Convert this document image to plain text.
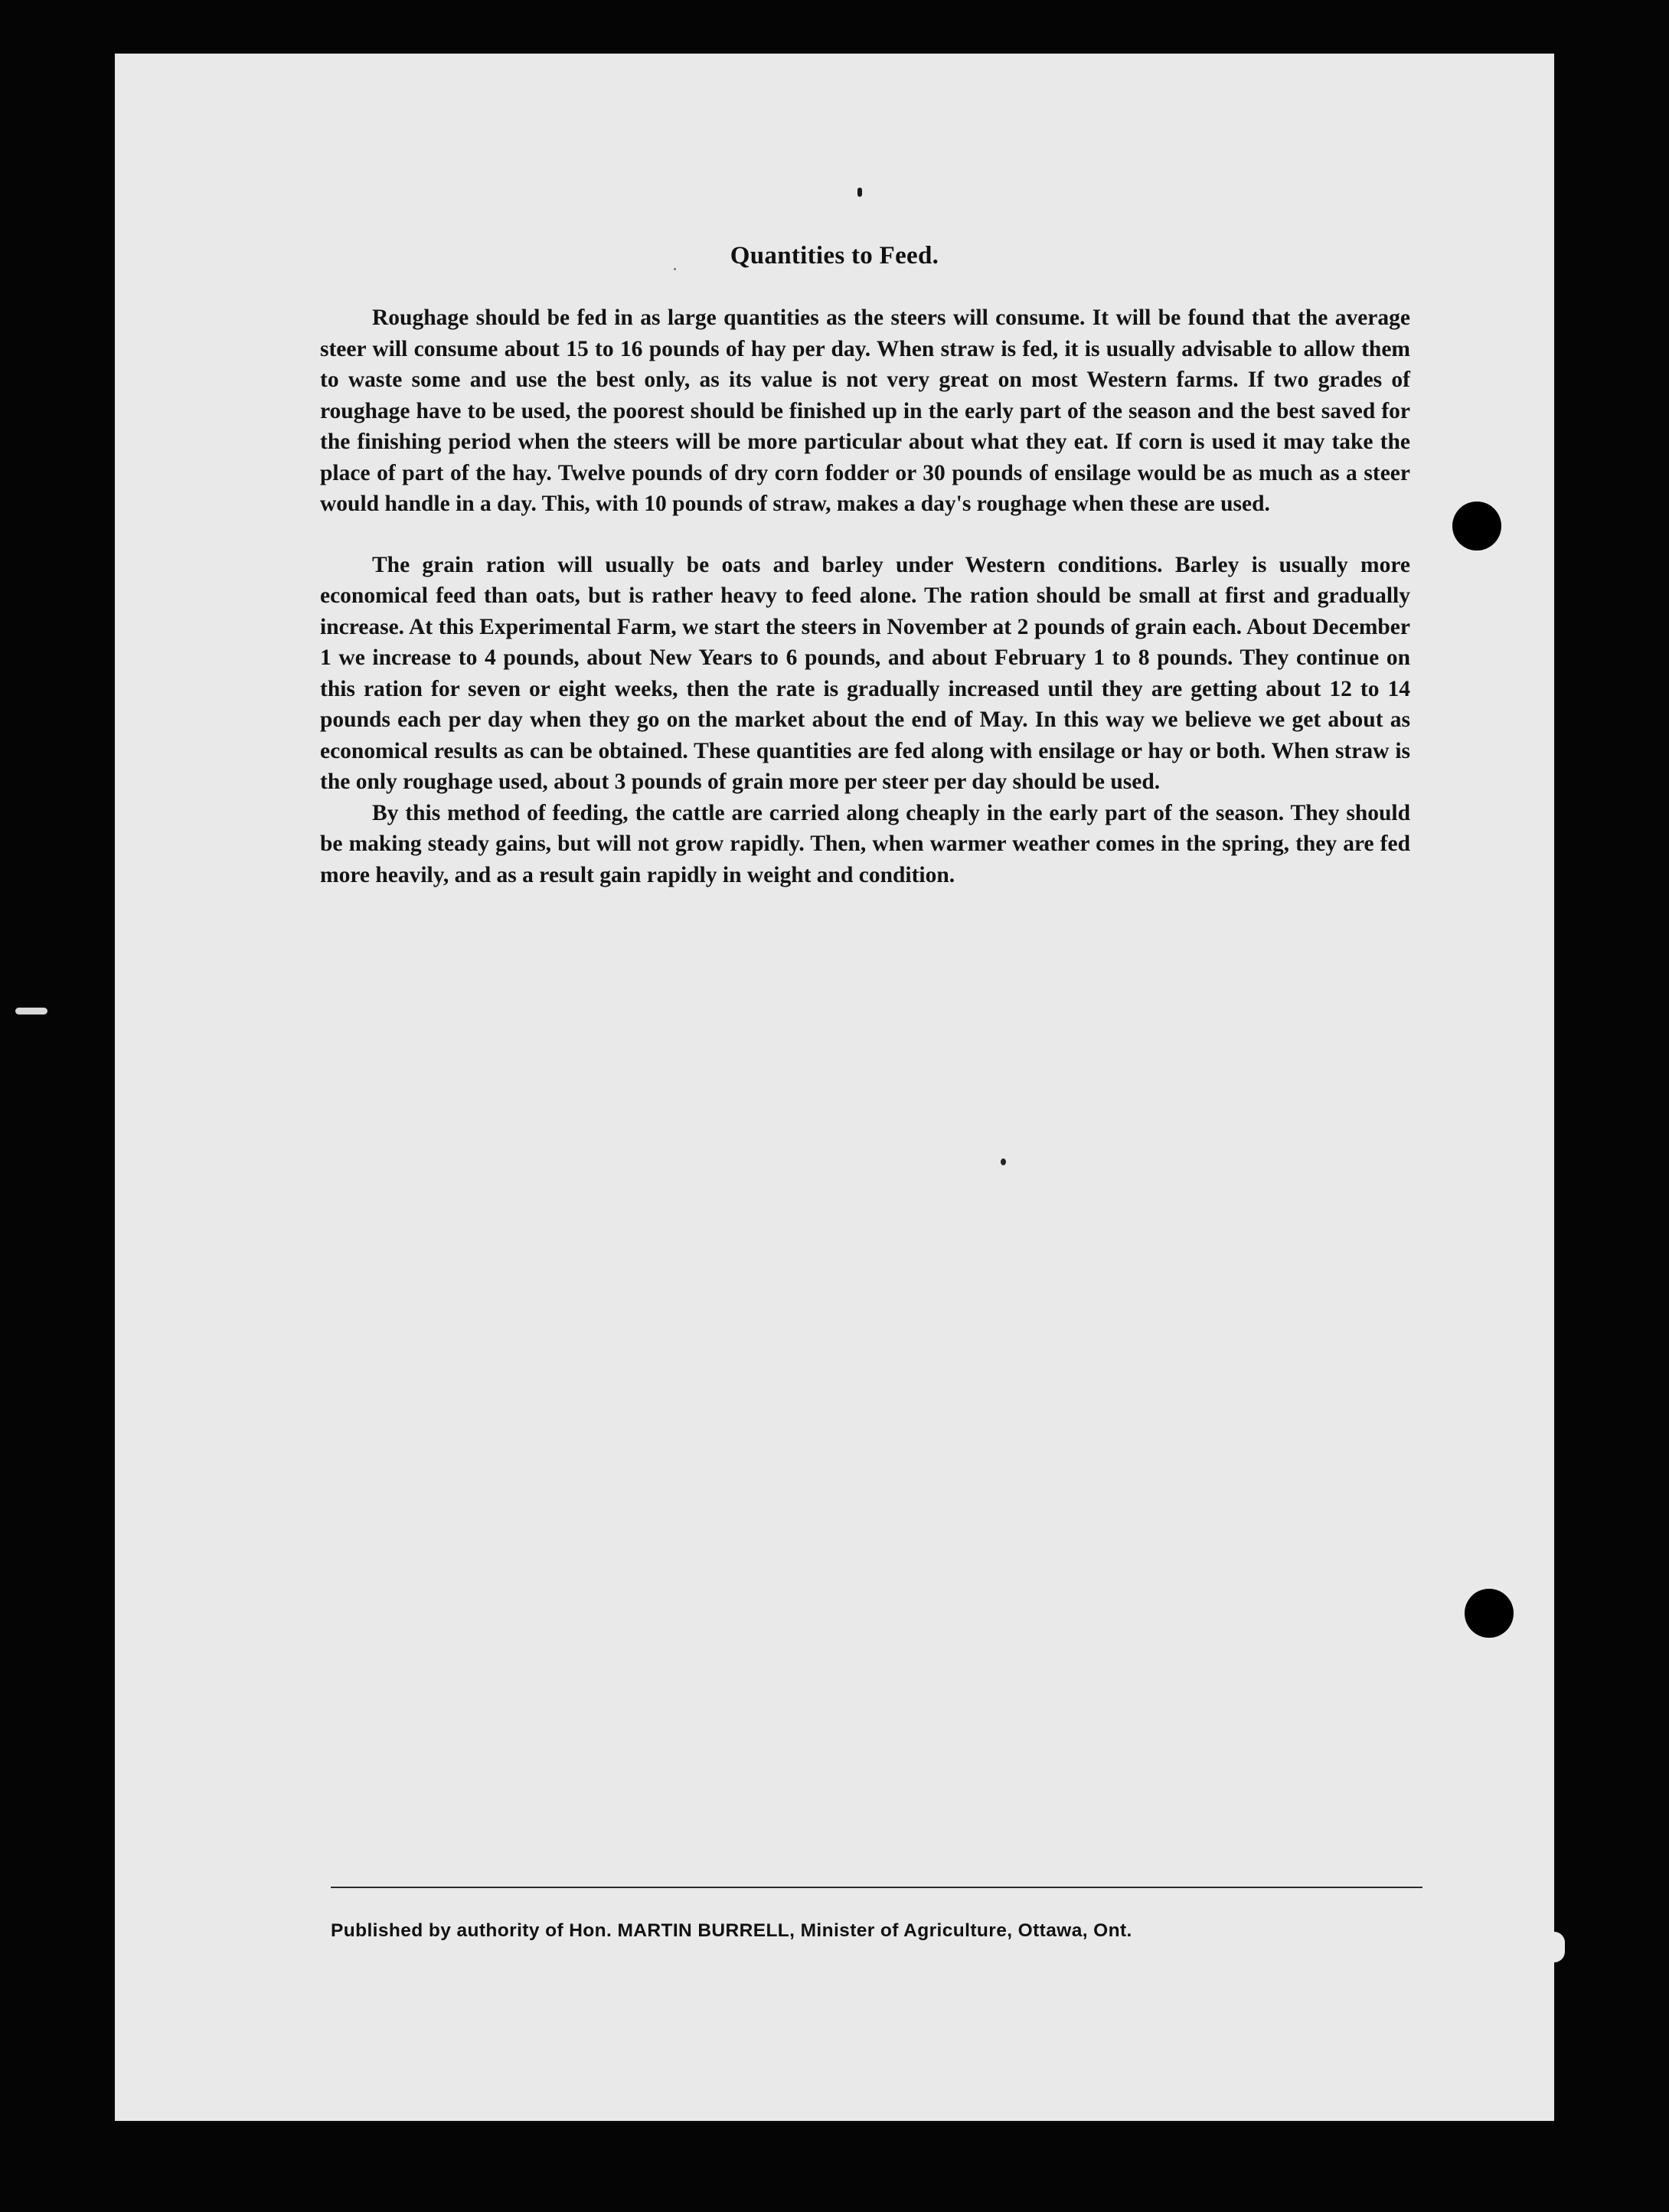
Quantities to Feed.

Roughage should be fed in as large quantities as the steers will consume. It will be found that the average steer will consume about 15 to 16 pounds of hay per day. When straw is fed, it is usually advisable to allow them to waste some and use the best only, as its value is not very great on most Western farms. If two grades of roughage have to be used, the poorest should be finished up in the early part of the season and the best saved for the finishing period when the steers will be more particular about what they eat. If corn is used it may take the place of part of the hay. Twelve pounds of dry corn fodder or 30 pounds of ensilage would be as much as a steer would handle in a day. This, with 10 pounds of straw, makes a day's roughage when these are used.

The grain ration will usually be oats and barley under Western conditions. Barley is usually more economical feed than oats, but is rather heavy to feed alone. The ration should be small at first and gradually increase. At this Experimental Farm, we start the steers in November at 2 pounds of grain each. About December 1 we increase to 4 pounds, about New Years to 6 pounds, and about February 1 to 8 pounds. They continue on this ration for seven or eight weeks, then the rate is gradually increased until they are getting about 12 to 14 pounds each per day when they go on the market about the end of May. In this way we believe we get about as economical results as can be obtained. These quantities are fed along with ensilage or hay or both. When straw is the only roughage used, about 3 pounds of grain more per steer per day should be used.

By this method of feeding, the cattle are carried along cheaply in the early part of the season. They should be making steady gains, but will not grow rapidly. Then, when warmer weather comes in the spring, they are fed more heavily, and as a result gain rapidly in weight and condition.

Published by authority of Hon. MARTIN BURRELL, Minister of Agriculture, Ottawa, Ont.
